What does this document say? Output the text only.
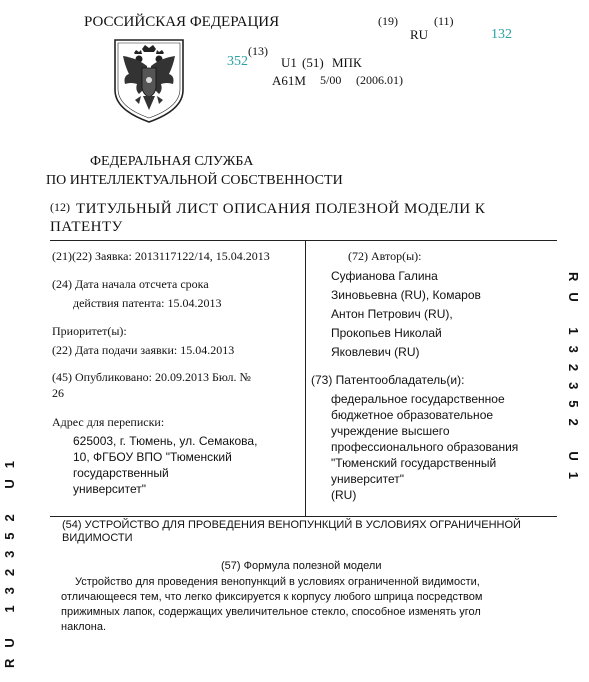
РОССИЙСКАЯ ФЕДЕРАЦИЯ	(19)
RU
(11)
132
352
(13)
U1 (51) МПК
A61M 5/00 (2006.01)
ФЕДЕРАЛЬНАЯ СЛУЖБА
ПО ИНТЕЛЛЕКТУАЛЬНОЙ СОБСТВЕННОСТИ
(12) ТИТУЛЬНЫЙ ЛИСТ ОПИСАНИЯ ПОЛЕЗНОЙ МОДЕЛИ К
ПАТЕНТУ
(21)(22) Заявка: 2013117122/14, 15.04.2013
(24) Дата начала отсчета срока
действия патента: 15.04.2013
Приоритет(ы):
(22) Дата подачи заявки: 15.04.2013
(45) Опубликовано: 20.09.2013 Бюл. №
26
Адрес для переписки:

625003, г. Тюмень, ул. Семакова,

10, ФГБОУ ВПО "Тюменский

государственный

университет"

(72) Автор(ы):

Суфианова Галина

Зиновьевна (RU), Комаров

Антон Петрович (RU),

Прокопьев Николай

Яковлевич (RU)

(73) Патентообладатель(и):

федеральное государственное

бюджетное образовательное

учреждение высшего

профессионального образования

"Тюменский государственный

университет"

(RU)

(54) УСТРОЙСТВО ДЛЯ ПРОВЕДЕНИЯ ВЕНОПУНКЦИЙ В УСЛОВИЯХ ОГРАНИЧЕННОЙ
ВИДИМОСТИ
(57) Формула полезной модели

Устройство для проведения венопункций в условиях ограниченной видимости,

отличающееся тем, что легко фиксируется к корпусу любого шприца посредством

прижимных лапок, содержащих увеличительное стекло, способное изменять угол

наклона.

RU 132352 U1
RU 132352 U1
